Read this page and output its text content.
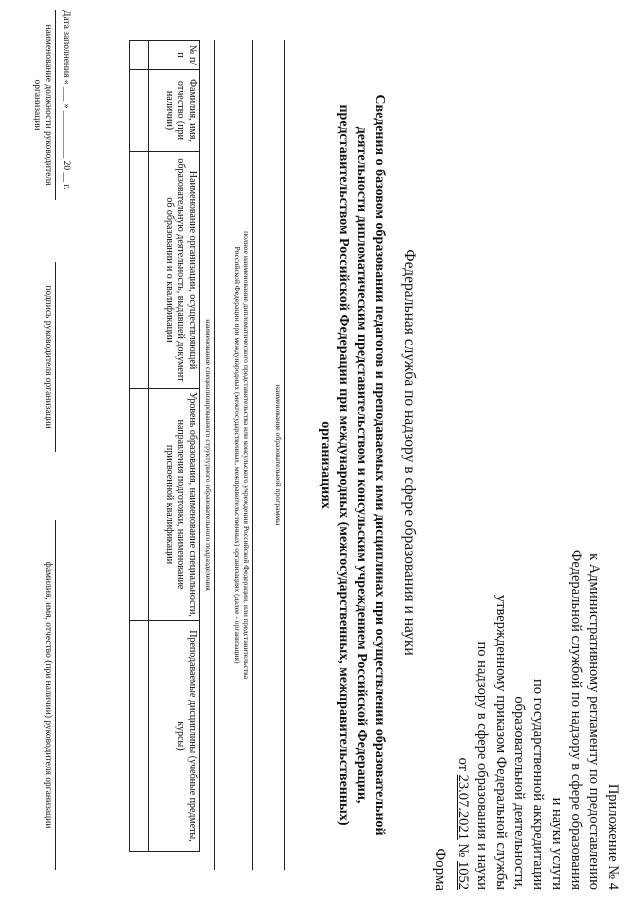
Приложение № 4
к Административному регламенту по предоставлению
Федеральной службой по надзору в сфере образования
и науки услуги
по государственной аккредитации
образовательной деятельности,
утвержденному приказом Федеральной службы
по надзору в сфере образования и науки
от 23.07.2021 № 1052
Форма
Федеральная служба по надзору в сфере образования и науки
Сведения о базовом образовании педагогов и преподаваемых ими дисциплинах при осуществлении образовательной
деятельности дипломатическим представительством и консульским учреждением Российской Федерации,
представительством Российской Федерации при международных (межгосударственных, межправительственных)
организациях
наименование образовательной программы
полное наименование дипломатического представительства или консульского учреждения Российской Федерации, или представительства
Российской Федерации при международных (межгосударственных, межправительственных) организациях (далее - организация)
наименование специализированного структурного образовательного подразделения
№ п/п	Фамилия, имя, отчество (при наличии)	Наименование организации, осуществляющей образовательную деятельность, выдавшей документ об образовании и о квалификации	Уровень образования, наименование специальности, направления подготовки, наименование присвоенной квалификации	Преподаваемые дисциплины (учебные предметы, курсы)

Дата заполнения « ___ » __________ 20 __ г.
наименование должности руководителя организации
подпись руководителя организации
фамилия, имя, отчество (при наличии) руководителя организации
